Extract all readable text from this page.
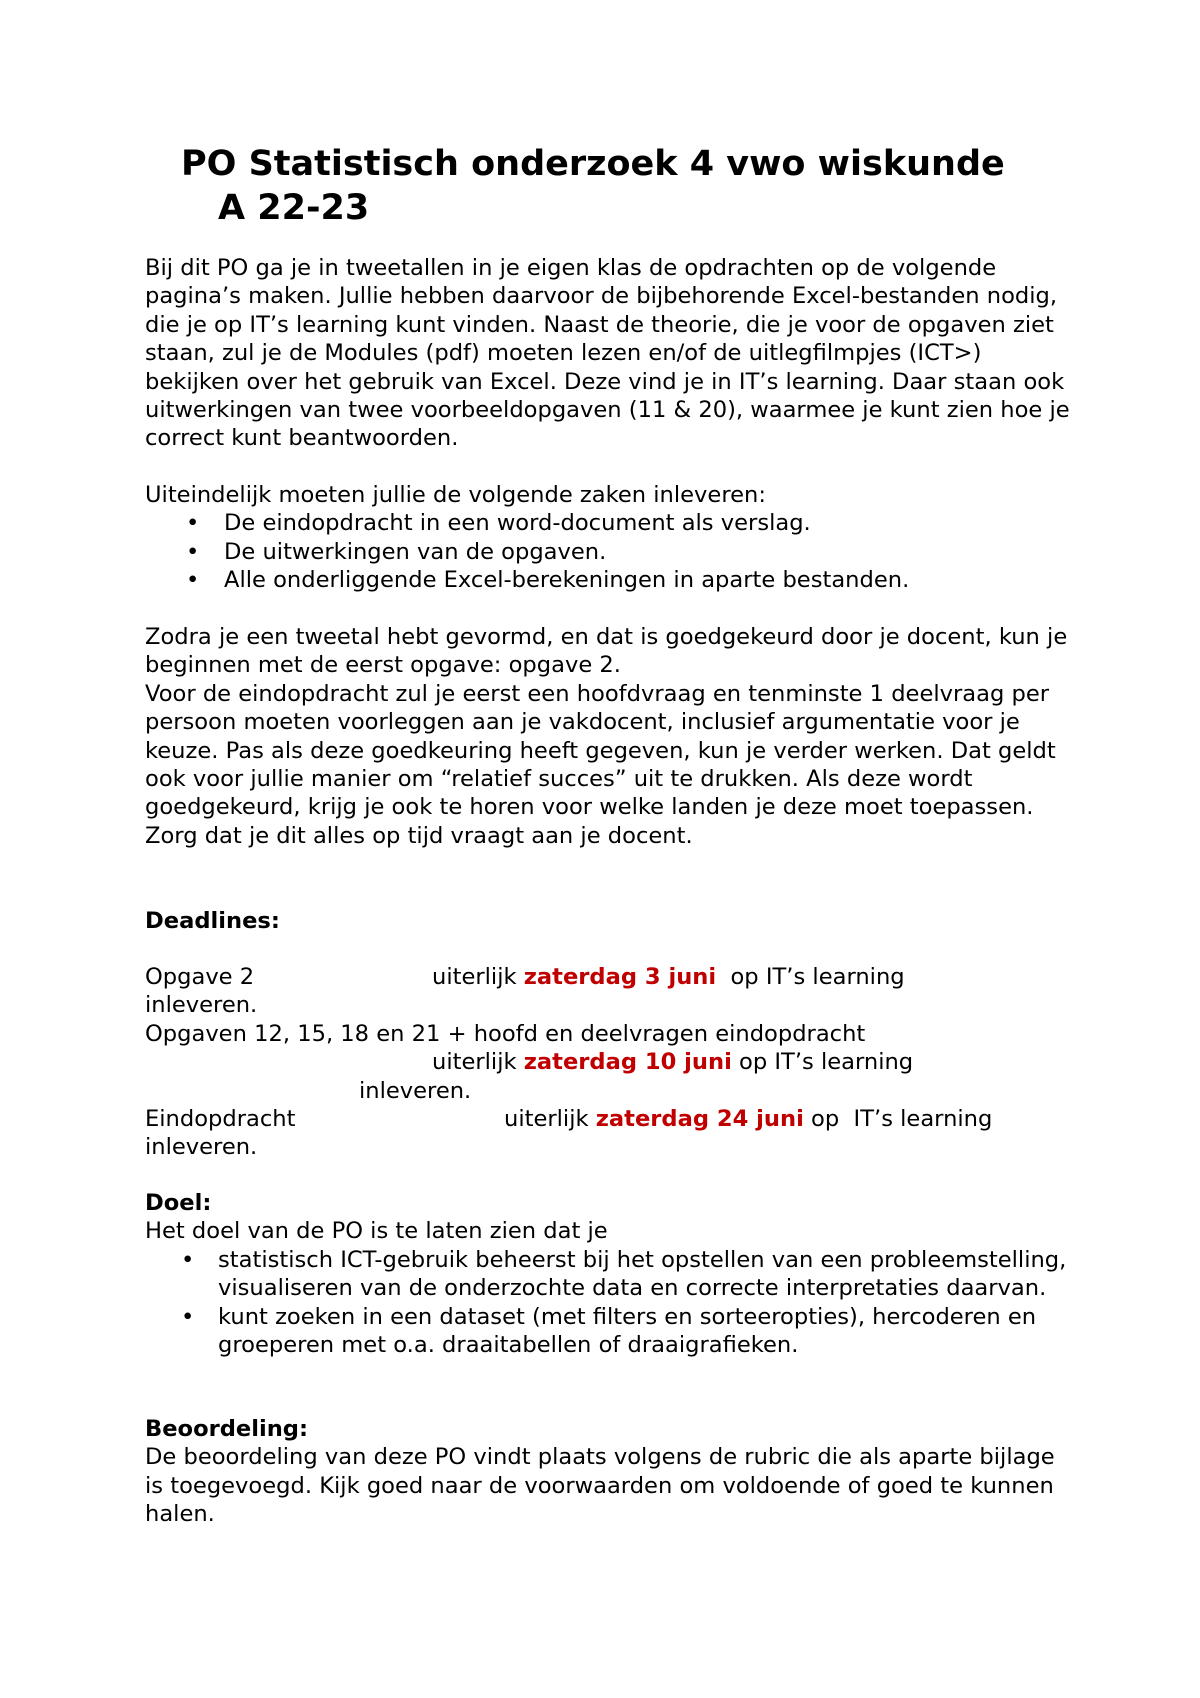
PO Statistisch onderzoek 4 vwo wiskunde
A 22-23

Bij dit PO ga je in tweetallen in je eigen klas de opdrachten op de volgende pagina’s maken. Jullie hebben daarvoor de bijbehorende Excel-bestanden nodig, die je op IT’s learning kunt vinden. Naast de theorie, die je voor de opgaven ziet staan, zul je de Modules (pdf) moeten lezen en/of de uitlegfilmpjes (ICT>) bekijken over het gebruik van Excel. Deze vind je in IT’s learning. Daar staan ook uitwerkingen van twee voorbeeldopgaven (11 & 20), waarmee je kunt zien hoe je correct kunt beantwoorden.

Uiteindelijk moeten jullie de volgende zaken inleveren:

• De eindopdracht in een word-document als verslag.
• De uitwerkingen van de opgaven.
• Alle onderliggende Excel-berekeningen in aparte bestanden.

Zodra je een tweetal hebt gevormd, en dat is goedgekeurd door je docent, kun je beginnen met de eerst opgave: opgave 2.

Voor de eindopdracht zul je eerst een hoofdvraag en tenminste 1 deelvraag per persoon moeten voorleggen aan je vakdocent, inclusief argumentatie voor je keuze. Pas als deze goedkeuring heeft gegeven, kun je verder werken. Dat geldt ook voor jullie manier om “relatief succes” uit te drukken. Als deze wordt goedgekeurd, krijg je ook te horen voor welke landen je deze moet toepassen. Zorg dat je dit alles op tijd vraagt aan je docent.

Deadlines:

Opgave 2	uiterlijk zaterdag 3 juni  op IT’s learning
inleveren.
Opgaven 12, 15, 18 en 21 + hoofd en deelvragen eindopdracht
uiterlijk zaterdag 10 juni op IT’s learning
inleveren.
Eindopdracht	uiterlijk zaterdag 24 juni op  IT’s learning
inleveren.

Doel:

Het doel van de PO is te laten zien dat je

• statistisch ICT-gebruik beheerst bij het opstellen van een probleemstelling, visualiseren van de onderzochte data en correcte interpretaties daarvan.
• kunt zoeken in een dataset (met filters en sorteeropties), hercoderen en groeperen met o.a. draaitabellen of draaigrafieken.

Beoordeling:

De beoordeling van deze PO vindt plaats volgens de rubric die als aparte bijlage is toegevoegd. Kijk goed naar de voorwaarden om voldoende of goed te kunnen halen.
